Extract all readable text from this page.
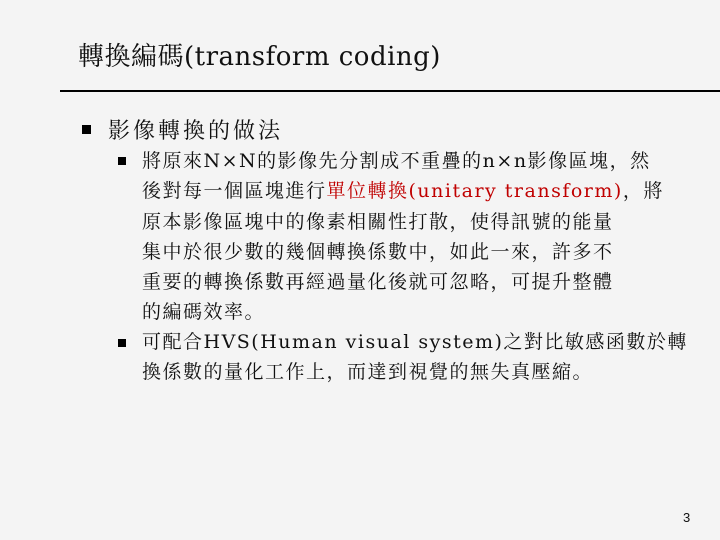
轉換編碼(transform coding)
影像轉換的做法
將原來N×N的影像先分割成不重疊的n×n影像區塊，然
後對每一個區塊進行單位轉換(unitary transform)，將
原本影像區塊中的像素相關性打散，使得訊號的能量
集中於很少數的幾個轉換係數中，如此一來，許多不
重要的轉換係數再經過量化後就可忽略，可提升整體
的編碼效率。
可配合HVS(Human visual system)之對比敏感函數於轉
換係數的量化工作上，而達到視覺的無失真壓縮。
3
